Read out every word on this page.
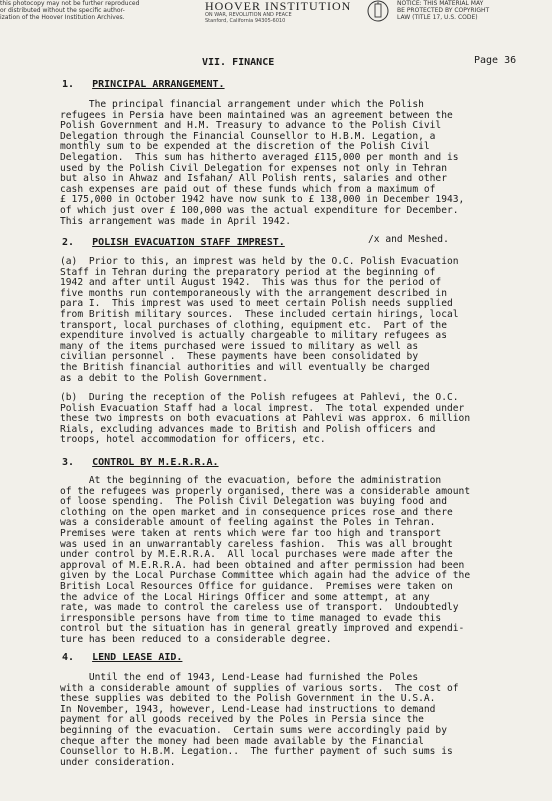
this photocopy may not be further reproduced
or distributed without the specific author-
ization of the Hoover Institution Archives.
HOOVER INSTITUTION
ON WAR, REVOLUTION AND PEACE
Stanford, California 94305-6010
NOTICE: THIS MATERIAL MAY
BE PROTECTED BY COPYRIGHT
LAW (TITLE 17, U.S. CODE)
Page 36
VII. FINANCE
1. PRINCIPAL ARRANGEMENT.
The principal financial arrangement under which the Polish
refugees in Persia have been maintained was an agreement between the
Polish Government and H.M. Treasury to advance to the Polish Civil
Delegation through the Financial Counsellor to H.B.M. Legation, a
monthly sum to be expended at the discretion of the Polish Civil
Delegation.  This sum has hitherto averaged £115,000 per month and is
used by the Polish Civil Delegation for expenses not only in Tehran
but also in Ahwaz and Isfahan/ All Polish rents, salaries and other
cash expenses are paid out of these funds which from a maximum of
£ 175,000 in October 1942 have now sunk to £ 138,000 in December 1943,
of which just over £ 100,000 was the actual expenditure for December.
This arrangement was made in April 1942.
/x and Meshed.
2. POLISH EVACUATION STAFF IMPREST.
(a)  Prior to this, an imprest was held by the O.C. Polish Evacuation
Staff in Tehran during the preparatory period at the beginning of
1942 and after until August 1942.  This was thus for the period of
five months run contemporaneously with the arrangement described in
para I.  This imprest was used to meet certain Polish needs supplied
from British military sources.  These included certain hirings, local
transport, local purchases of clothing, equipment etc.  Part of the
expenditure involved is actually chargeable to military refugees as
many of the items purchased were issued to military as well as
civilian personnel .  These payments have been consolidated by
the British financial authorities and will eventually be charged
as a debit to the Polish Government.
(b)  During the reception of the Polish refugees at Pahlevi, the O.C.
Polish Evacuation Staff had a local imprest.  The total expended under
these two imprests on both evacuations at Pahlevi was approx. 6 million
Rials, excluding advances made to British and Polish officers and
troops, hotel accommodation for officers, etc.
3. CONTROL BY M.E.R.R.A.
At the beginning of the evacuation, before the administration
of the refugees was properly organised, there was a considerable amount
of loose spending.  The Polish Civil Delegation was buying food and
clothing on the open market and in consequence prices rose and there
was a considerable amount of feeling against the Poles in Tehran.
Premises were taken at rents which were far too high and transport
was used in an unwarrantably careless fashion.  This was all brought
under control by M.E.R.R.A.  All local purchases were made after the
approval of M.E.R.R.A. had been obtained and after permission had been
given by the Local Purchase Committee which again had the advice of the
British Local Resources Office for guidance.  Premises were taken on
the advice of the Local Hirings Officer and some attempt, at any
rate, was made to control the careless use of transport.  Undoubtedly
irresponsible persons have from time to time managed to evade this
control but the situation has in general greatly improved and expendi-
ture has been reduced to a considerable degree.
4. LEND LEASE AID.
Until the end of 1943, Lend-Lease had furnished the Poles
with a considerable amount of supplies of various sorts.  The cost of
these supplies was debited to the Polish Government in the U.S.A.
In November, 1943, however, Lend-Lease had instructions to demand
payment for all goods received by the Poles in Persia since the
beginning of the evacuation.  Certain sums were accordingly paid by
cheque after the money had been made available by the Financial
Counsellor to H.B.M. Legation..  The further payment of such sums is
under consideration.
